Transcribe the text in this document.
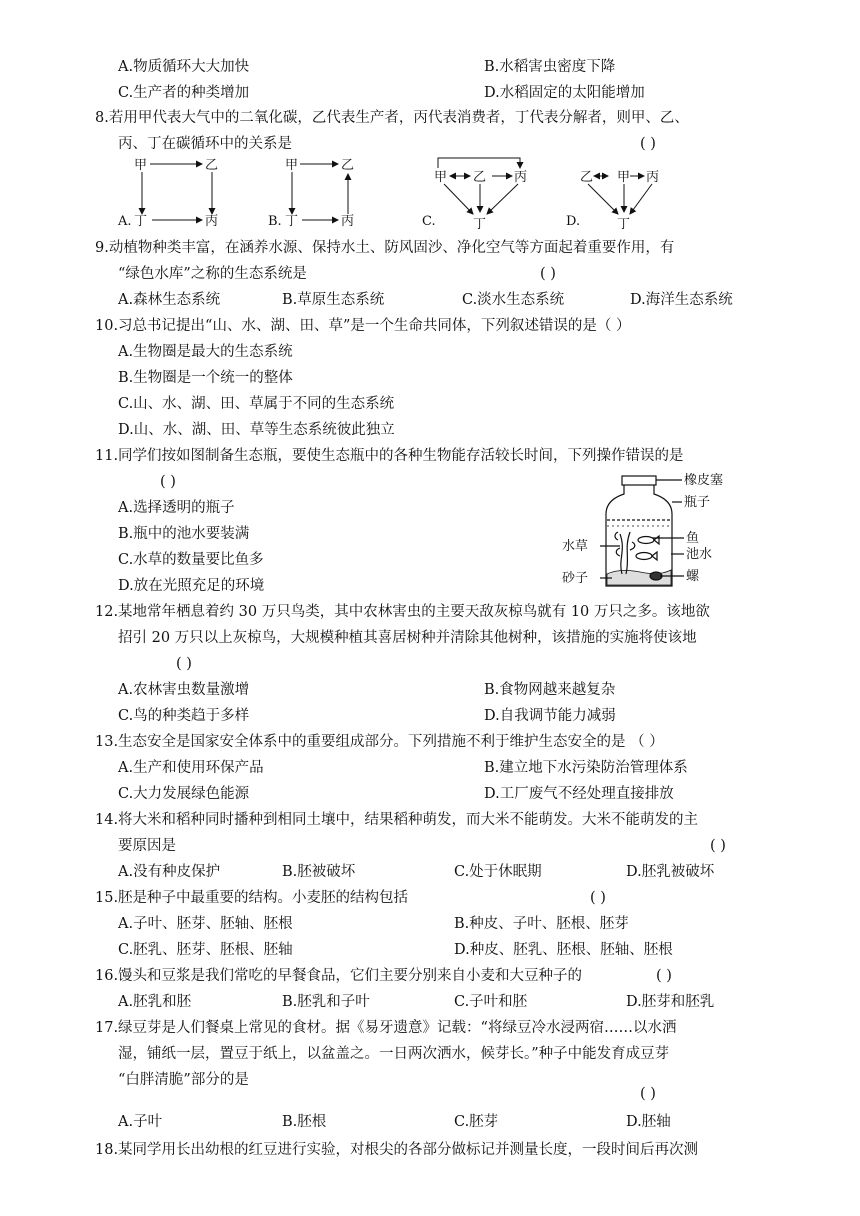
A.物质循环大大加快	B.水稻害虫密度下降
C.生产者的种类增加	D.水稻固定的太阳能增加
8.若用甲代表大气中的二氧化碳，乙代表生产者，丙代表消费者，丁代表分解者，则甲、乙、
丙、丁在碳循环中的关系是	( )
甲	乙
A. 丁	丙
甲	乙
B. 丁	丙
甲 乙 丙
C.	丁
乙 甲 丙
D.	丁
9.动植物种类丰富，在涵养水源、保持水土、防风固沙、净化空气等方面起着重要作用，有
“绿色水库”之称的生态系统是	( )
A.森林生态系统	B.草原生态系统	C.淡水生态系统	D.海洋生态系统
10.习总书记提出“山、水、湖、田、草”是一个生命共同体，下列叙述错误的是（ ）
A.生物圈是最大的生态系统
B.生物圈是一个统一的整体
C.山、水、湖、田、草属于不同的生态系统
D.山、水、湖、田、草等生态系统彼此独立
11.同学们按如图制备生态瓶，要使生态瓶中的各种生物能存活较长时间，下列操作错误的是
( )
A.选择透明的瓶子
B.瓶中的池水要装满
C.水草的数量要比鱼多
D.放在光照充足的环境
橡皮塞
瓶子
鱼
水草
池水
砂子	螺
12.某地常年栖息着约 30 万只鸟类，其中农林害虫的主要天敌灰椋鸟就有 10 万只之多。该地欲
招引 20 万只以上灰椋鸟，大规模种植其喜居树种并清除其他树种，该措施的实施将使该地
( )
A.农林害虫数量激增	B.食物网越来越复杂
C.鸟的种类趋于多样	D.自我调节能力减弱
13.生态安全是国家安全体系中的重要组成部分。下列措施不利于维护生态安全的是 （ ）
A.生产和使用环保产品	B.建立地下水污染防治管理体系
C.大力发展绿色能源	D.工厂废气不经处理直接排放
14.将大米和稻种同时播种到相同土壤中，结果稻种萌发，而大米不能萌发。大米不能萌发的主
要原因是	( )
A.没有种皮保护	B.胚被破坏	C.处于休眠期	D.胚乳被破坏
15.胚是种子中最重要的结构。小麦胚的结构包括	( )
A.子叶、胚芽、胚轴、胚根	B.种皮、子叶、胚根、胚芽
C.胚乳、胚芽、胚根、胚轴	D.种皮、胚乳、胚根、胚轴、胚根
16.馒头和豆浆是我们常吃的早餐食品，它们主要分别来自小麦和大豆种子的	( )
A.胚乳和胚	B.胚乳和子叶	C.子叶和胚	D.胚芽和胚乳
17.绿豆芽是人们餐桌上常见的食材。据《易牙遗意》记载：“将绿豆冷水浸两宿……以水洒
湿，铺纸一层，置豆于纸上，以盆盖之。一日两次洒水，候芽长。”种子中能发育成豆芽
“白胖清脆”部分的是
( )
A.子叶	B.胚根	C.胚芽	D.胚轴
18.某同学用长出幼根的红豆进行实验，对根尖的各部分做标记并测量长度，一段时间后再次测
